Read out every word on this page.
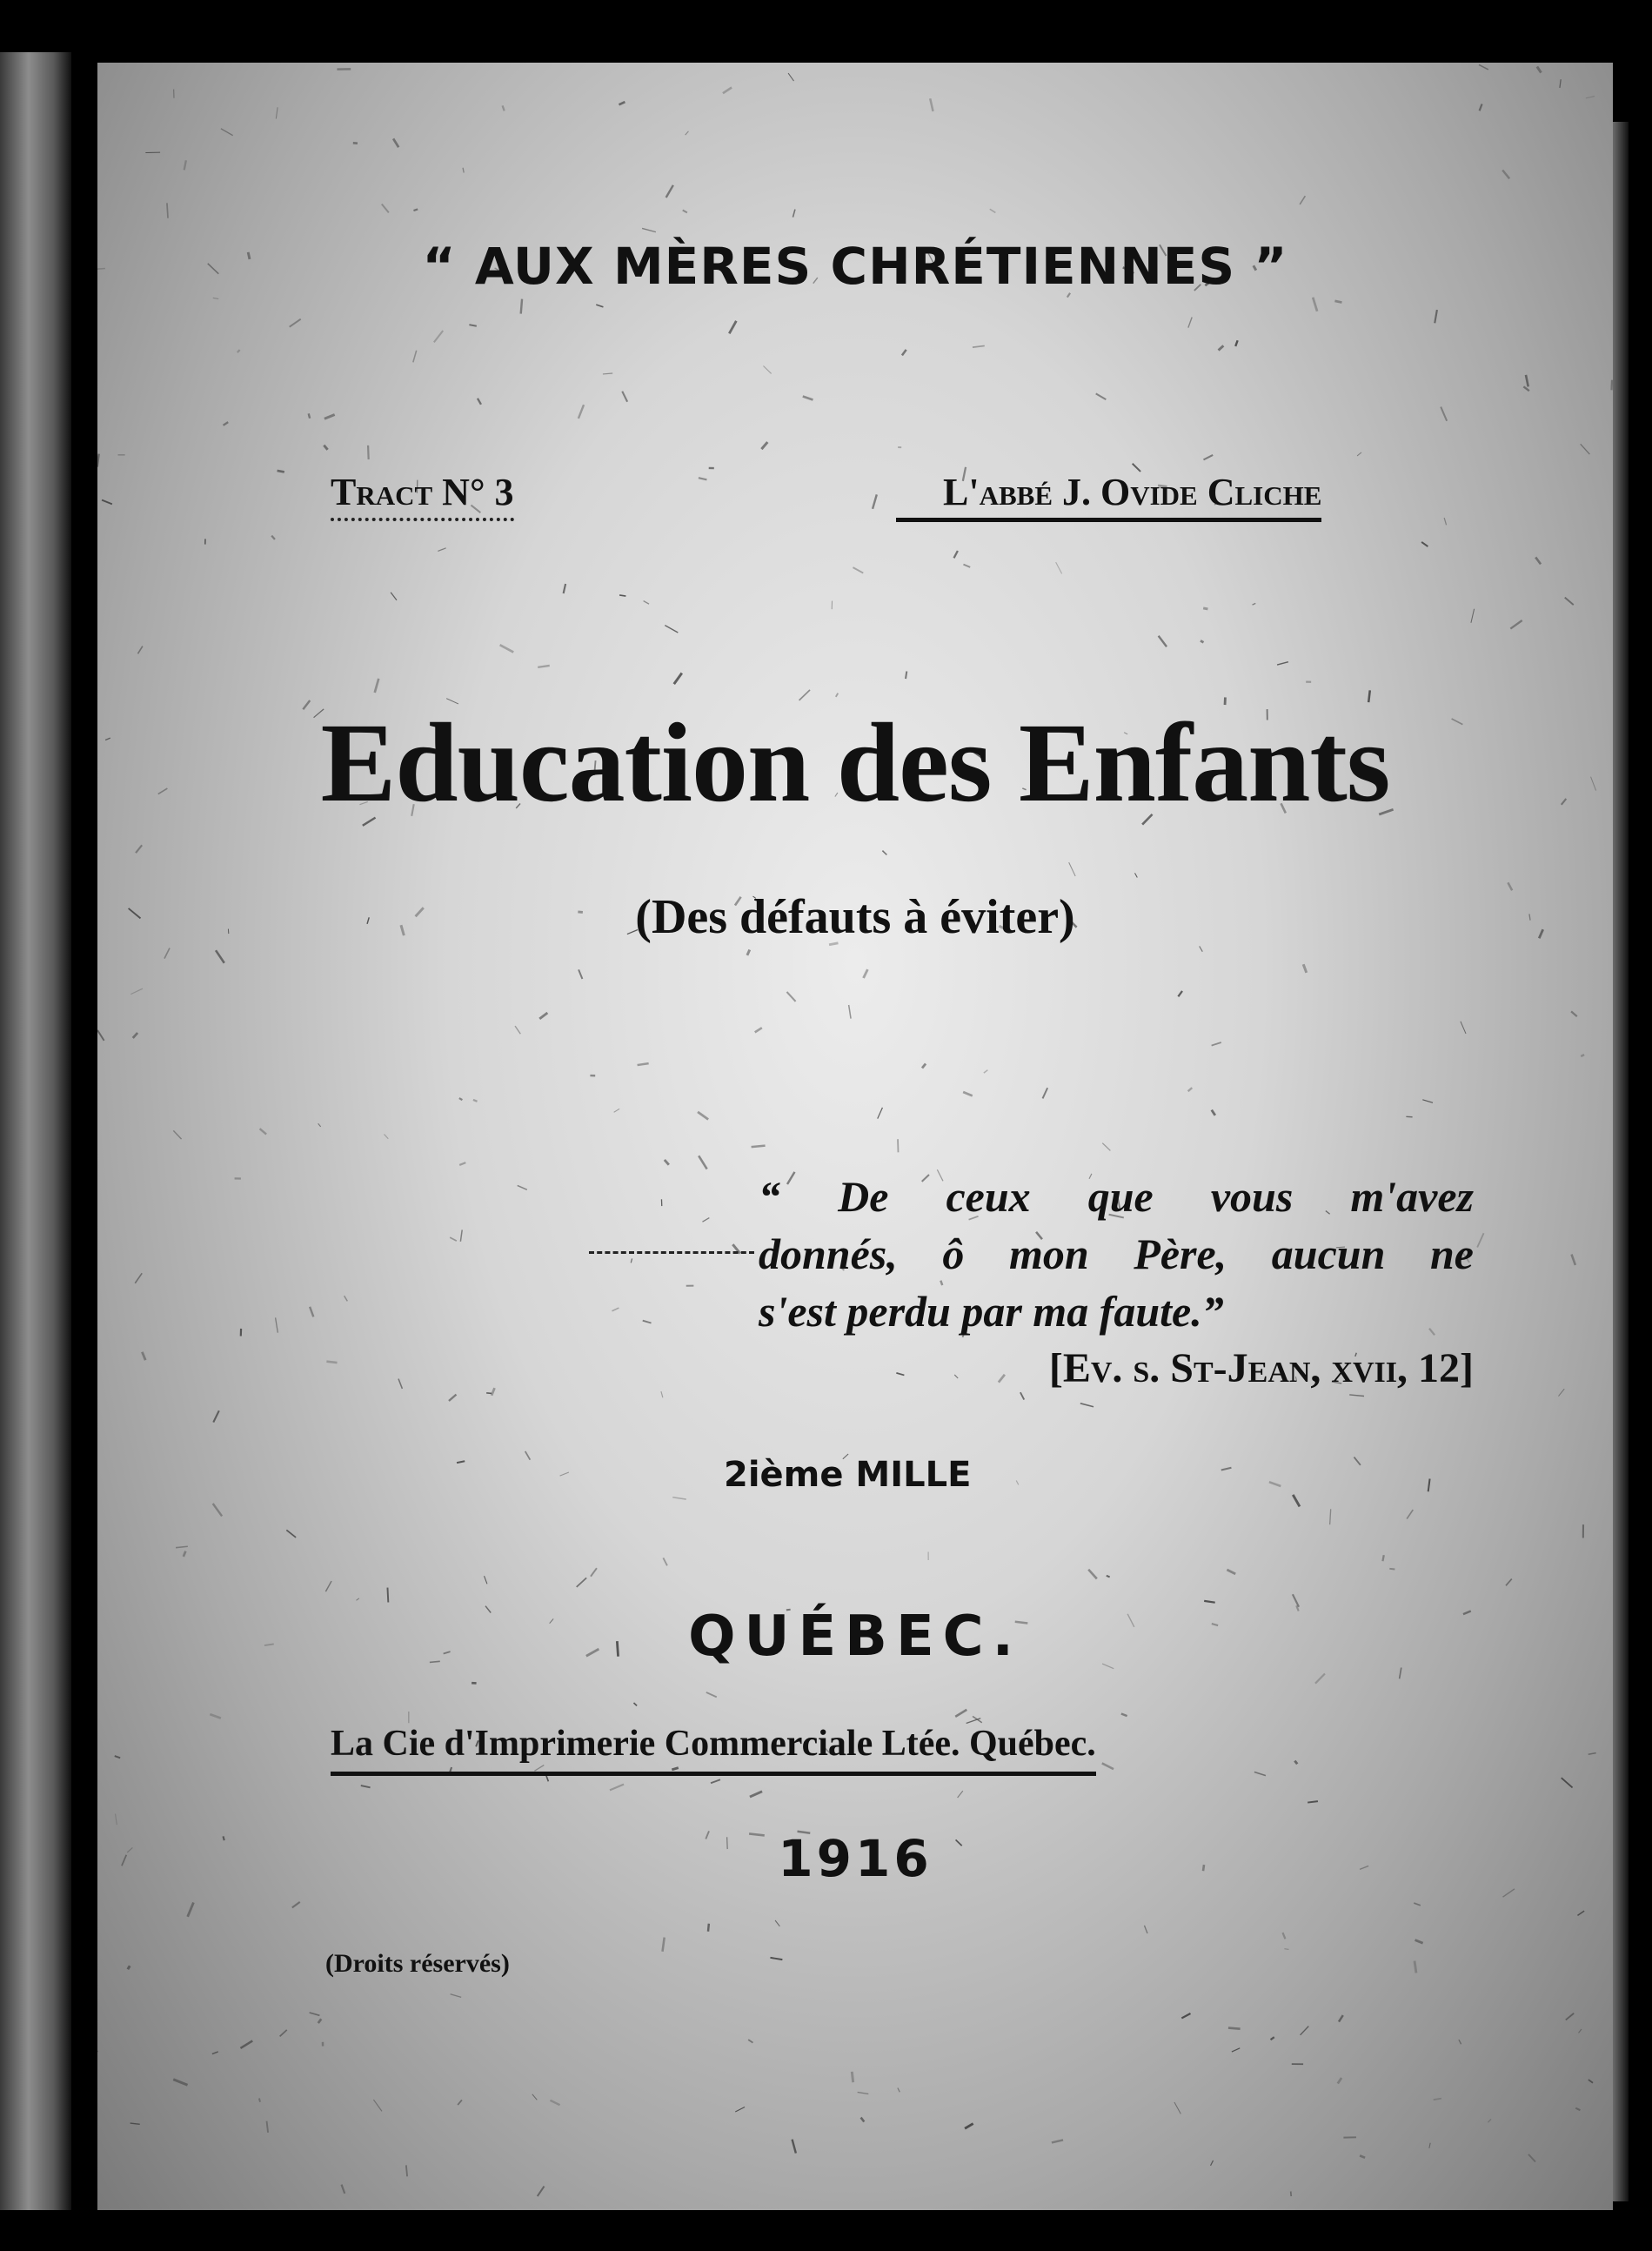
“ AUX MÈRES CHRÉTIENNES ”
Tract N° 3	L'abbé J. Ovide Cliche
Education des Enfants
(Des défauts à éviter)
“ De ceux que vous m'avez
donnés, ô mon Père, aucun ne
s'est perdu par ma faute.”
[Ev. s. St-Jean, xvii, 12]
2ième MILLE
QUÉBEC.
La Cie d'Imprimerie Commerciale Ltée. Québec.
1916
(Droits réservés)
